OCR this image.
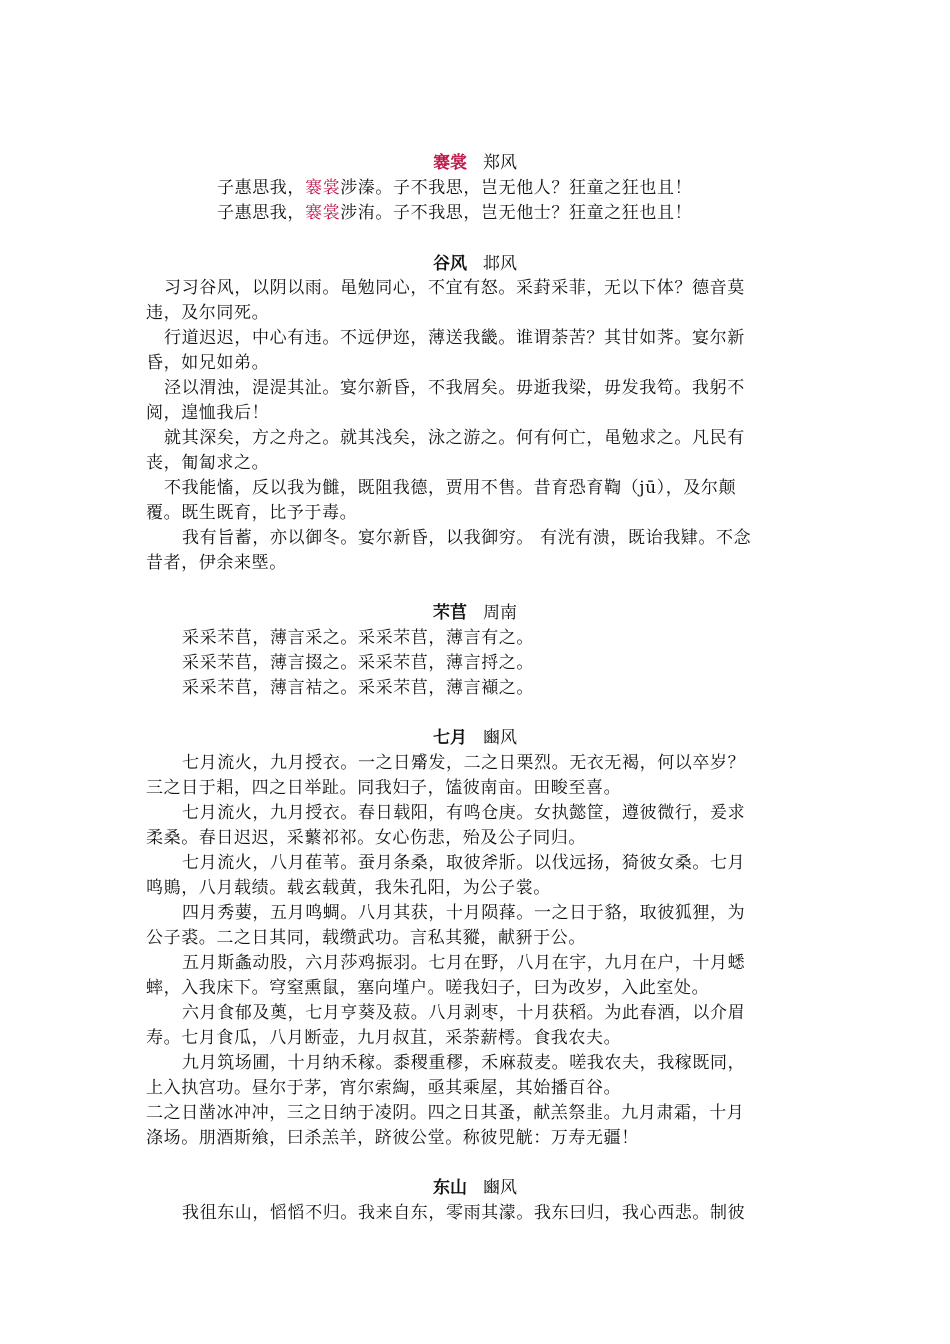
褰裳 郑风
子惠思我，褰裳涉溱。子不我思，岂无他人？狂童之狂也且！
子惠思我，褰裳涉洧。子不我思，岂无他士？狂童之狂也且！
谷风 邶风
习习谷风，以阴以雨。黾勉同心，不宜有怒。采葑采菲，无以下体？德音莫
违，及尔同死。
行道迟迟，中心有违。不远伊迩，薄送我畿。谁谓荼苦？其甘如荠。宴尔新
昏，如兄如弟。
泾以渭浊，湜湜其沚。宴尔新昏，不我屑矣。毋逝我梁，毋发我笱。我躬不
阅，遑恤我后！
就其深矣，方之舟之。就其浅矣，泳之游之。何有何亡，黾勉求之。凡民有
丧，匍匐求之。
不我能慉，反以我为雠，既阻我德，贾用不售。昔育恐育鞫（jū），及尔颠
覆。既生既育，比予于毒。
我有旨蓄，亦以御冬。宴尔新昏，以我御穷。 有洸有溃，既诒我肄。不念
昔者，伊余来塈。
芣苢 周南
采采芣苢，薄言采之。采采芣苢，薄言有之。
采采芣苢，薄言掇之。采采芣苢，薄言捋之。
采采芣苢，薄言袺之。采采芣苢，薄言襭之。
七月 豳风
七月流火，九月授衣。一之日觱发，二之日栗烈。无衣无褐，何以卒岁？
三之日于耜，四之日举趾。同我妇子，馌彼南亩。田畯至喜。
七月流火，九月授衣。春日载阳，有鸣仓庚。女执懿筐，遵彼微行，爰求
柔桑。春日迟迟，采蘩祁祁。女心伤悲，殆及公子同归。
七月流火，八月萑苇。蚕月条桑，取彼斧斨。以伐远扬，猗彼女桑。七月
鸣鵙，八月载绩。载玄载黄，我朱孔阳，为公子裳。
四月秀葽，五月鸣蜩。八月其获，十月陨萚。一之日于貉，取彼狐狸，为
公子裘。二之日其同，载缵武功。言私其豵，献豜于公。
五月斯螽动股，六月莎鸡振羽。七月在野，八月在宇，九月在户，十月蟋
蟀，入我床下。穹窒熏鼠，塞向墐户。嗟我妇子，曰为改岁，入此室处。
六月食郁及薁，七月亨葵及菽。八月剥枣，十月获稻。为此春酒，以介眉
寿。七月食瓜，八月断壶，九月叔苴，采荼薪樗。食我农夫。
九月筑场圃，十月纳禾稼。黍稷重穋，禾麻菽麦。嗟我农夫，我稼既同，
上入执宫功。昼尔于茅，宵尔索綯，亟其乘屋，其始播百谷。
二之日凿冰冲冲，三之日纳于凌阴。四之日其蚤，献羔祭韭。九月肃霜，十月
涤场。朋酒斯飨，曰杀羔羊，跻彼公堂。称彼兕觥：万寿无疆！
东山 豳风
我徂东山，慆慆不归。我来自东，零雨其濛。我东曰归，我心西悲。制彼
